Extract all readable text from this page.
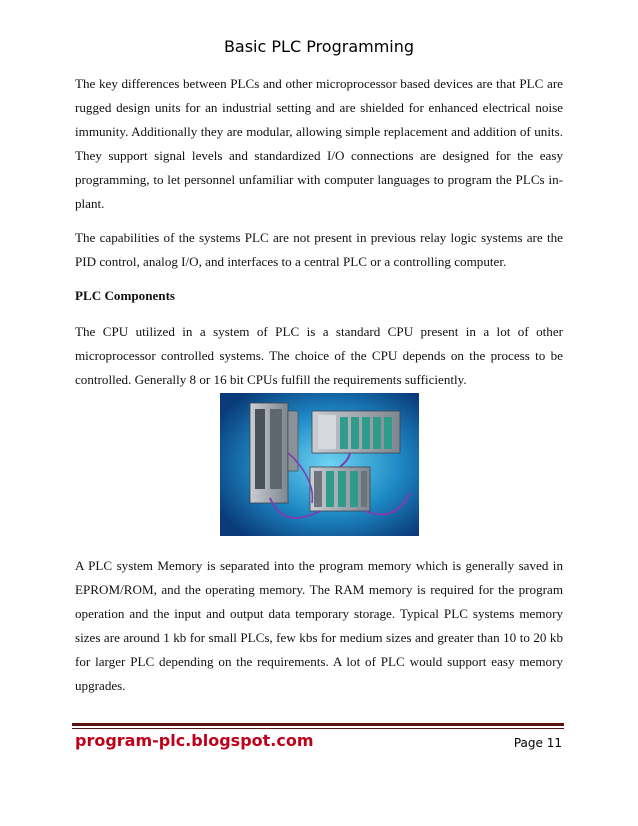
Basic PLC Programming

The key differences between PLCs and other microprocessor based devices are that PLC are rugged design units for an industrial setting and are shielded for enhanced electrical noise immunity. Additionally they are modular, allowing simple replacement and addition of units. They support signal levels and standardized I/O connections are designed for the easy programming, to let personnel unfamiliar with computer languages to program the PLCs in-plant.

The capabilities of the systems PLC are not present in previous relay logic systems are the PID control, analog I/O, and interfaces to a central PLC or a controlling computer.

PLC Components

The CPU utilized in a system of PLC is a standard CPU present in a lot of other microprocessor controlled systems. The choice of the CPU depends on the process to be controlled. Generally 8 or 16 bit CPUs fulfill the requirements sufficiently.

A PLC system Memory is separated into the program memory which is generally saved in EPROM/ROM, and the operating memory. The RAM memory is required for the program operation and the input and output data temporary storage. Typical PLC systems memory sizes are around 1 kb for small PLCs, few kbs for medium sizes and greater than 10 to 20 kb for larger PLC depending on the requirements. A lot of PLC would support easy memory upgrades.

program-plc.blogspot.com	Page 11
